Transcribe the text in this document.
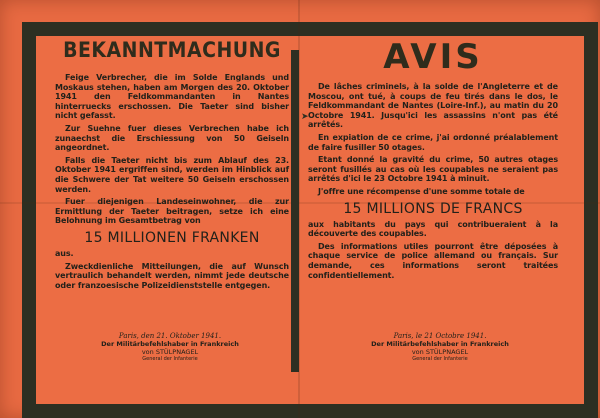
➤
BEKANNTMACHUNG

Feige Verbrecher, die im Solde Englands und Moskaus stehen, haben am Morgen des 20. Oktober 1941 den Feldkommandanten in Nantes hinterruecks erschossen. Die Taeter sind bisher nicht gefasst.

Zur Suehne fuer dieses Verbrechen habe ich zunaechst die Erschiessung von 50 Geiseln angeordnet.

Falls die Taeter nicht bis zum Ablauf des 23. Oktober 1941 ergriffen sind, werden im Hinblick auf die Schwere der Tat weitere 50 Geiseln erschossen werden.

Fuer diejenigen Landeseinwohner, die zur Ermittlung der Taeter beitragen, setze ich eine Belohnung im Gesamtbetrag von

15 MILLIONEN FRANKEN

aus.

Zweckdienliche Mitteilungen, die auf Wunsch vertraulich behandelt werden, nimmt jede deutsche oder franzoesische Polizeidienststelle entgegen.

AVIS

De lâches criminels, à la solde de l'Angleterre et de Moscou, ont tué, à coups de feu tirés dans le dos, le Feldkommandant de Nantes (Loire-Inf.), au matin du 20 Octobre 1941. Jusqu'ici les assassins n'ont pas été arrêtés.

En expiation de ce crime, j'ai ordonné préalablement de faire fusiller 50 otages.

Etant donné la gravité du crime, 50 autres otages seront fusillés au cas où les coupables ne seraient pas arrêtés d'ici le 23 Octobre 1941 à minuit.

J'offre une récompense d'une somme totale de

15 MILLIONS DE FRANCS

aux habitants du pays qui contribueraient à la découverte des coupables.

Des informations utiles pourront être déposées à chaque service de police allemand ou français. Sur demande, ces informations seront traitées confidentiellement.

Paris, den 21. Oktober 1941.
Der Militärbefehlshaber in Frankreich
von STÜLPNAGEL
General der Infanterie
Paris, le 21 Octobre 1941.
Der Militärbefehlshaber in Frankreich
von STÜLPNAGEL
General der Infanterie
